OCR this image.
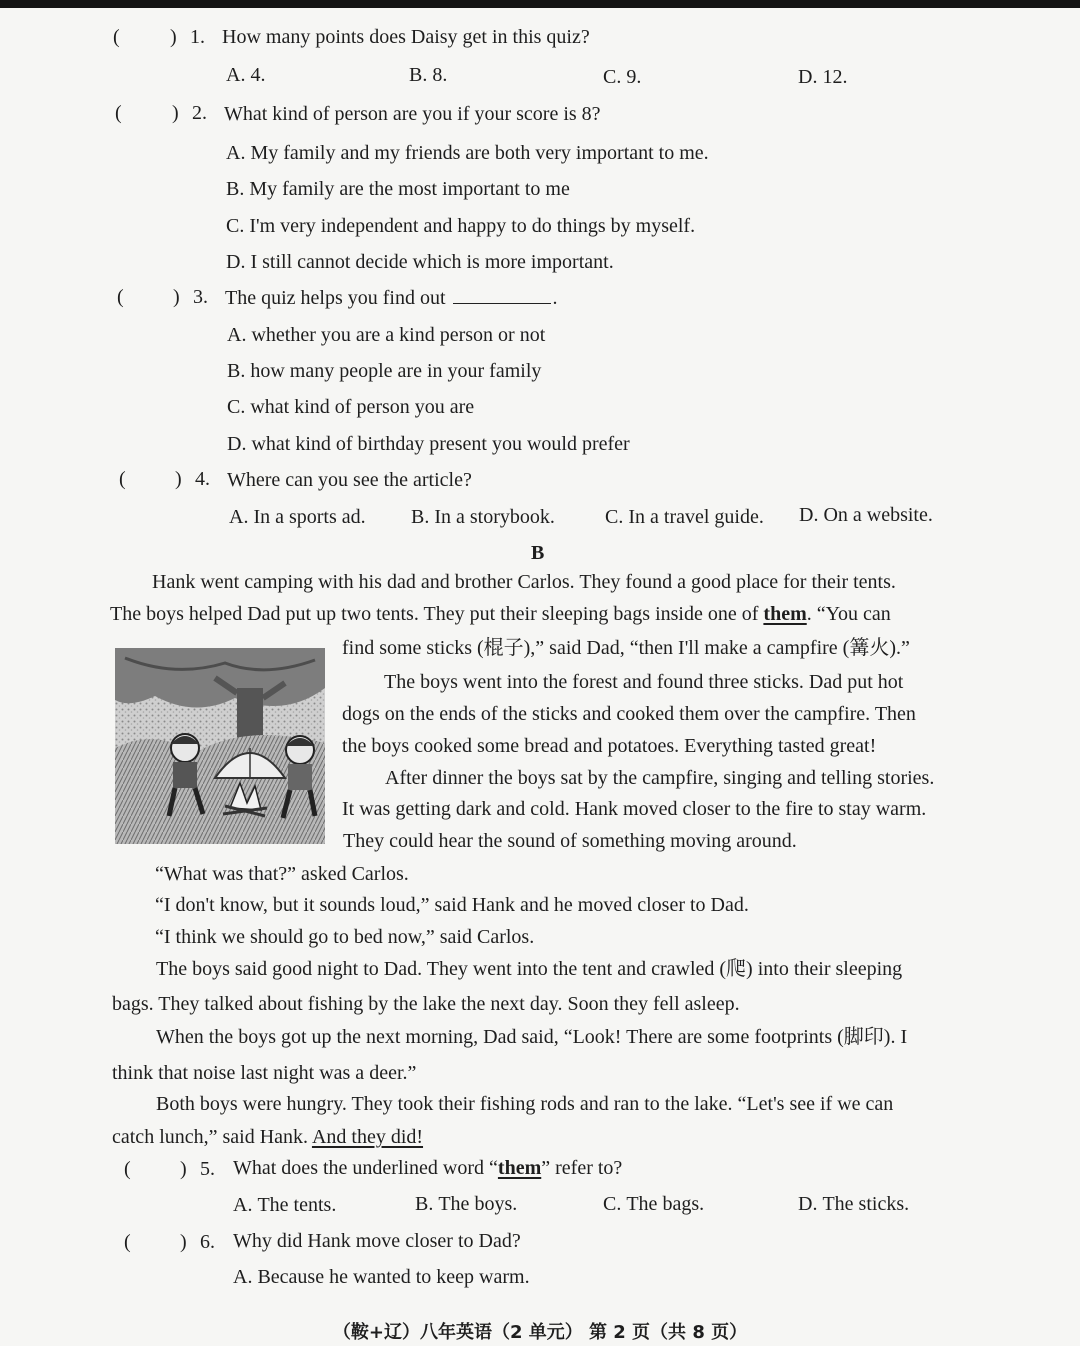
(	) 1. How many points does Daisy get in this quiz?
A. 4.	B. 8.	C. 9.	D. 12.
(	) 2. What kind of person are you if your score is 8?
A. My family and my friends are both very important to me.
B. My family are the most important to me
C. I'm very independent and happy to do things by myself.
D. I still cannot decide which is more important.
( ) 3. The quiz helps you find out	.
A. whether you are a kind person or not
B. how many people are in your family
C. what kind of person you are
D. what kind of birthday present you would prefer
( ) 4. Where can you see the article?
A. In a sports ad. B. In a storybook.	C. In a travel guide. D. On a website.
B
Hank went camping with his dad and brother Carlos. They found a good place for their tents.
The boys helped Dad put up two tents. They put their sleeping bags inside one of them. “You can
find some sticks (棍子),” said Dad, “then I'll make a campfire (篝火).”
The boys went into the forest and found three sticks. Dad put hot
dogs on the ends of the sticks and cooked them over the campfire. Then
the boys cooked some bread and potatoes. Everything tasted great!
After dinner the boys sat by the campfire, singing and telling stories.
It was getting dark and cold. Hank moved closer to the fire to stay warm.
They could hear the sound of something moving around.
“What was that?” asked Carlos.
“I don't know, but it sounds loud,” said Hank and he moved closer to Dad.
“I think we should go to bed now,” said Carlos.
The boys said good night to Dad. They went into the tent and crawled (爬) into their sleeping
bags. They talked about fishing by the lake the next day. Soon they fell asleep.
When the boys got up the next morning, Dad said, “Look! There are some footprints (脚印). I
think that noise last night was a deer.”
Both boys were hungry. They took their fishing rods and ran to the lake. “Let's see if we can
catch lunch,” said Hank. And they did!
( ) 5. What does the underlined word “them” refer to?
A. The tents.	B. The boys.	C. The bags.	D. The sticks.
( ) 6. Why did Hank move closer to Dad?
A. Because he wanted to keep warm.
（鞍+辽）八年英语（2 单元） 第 2 页（共 8 页）
